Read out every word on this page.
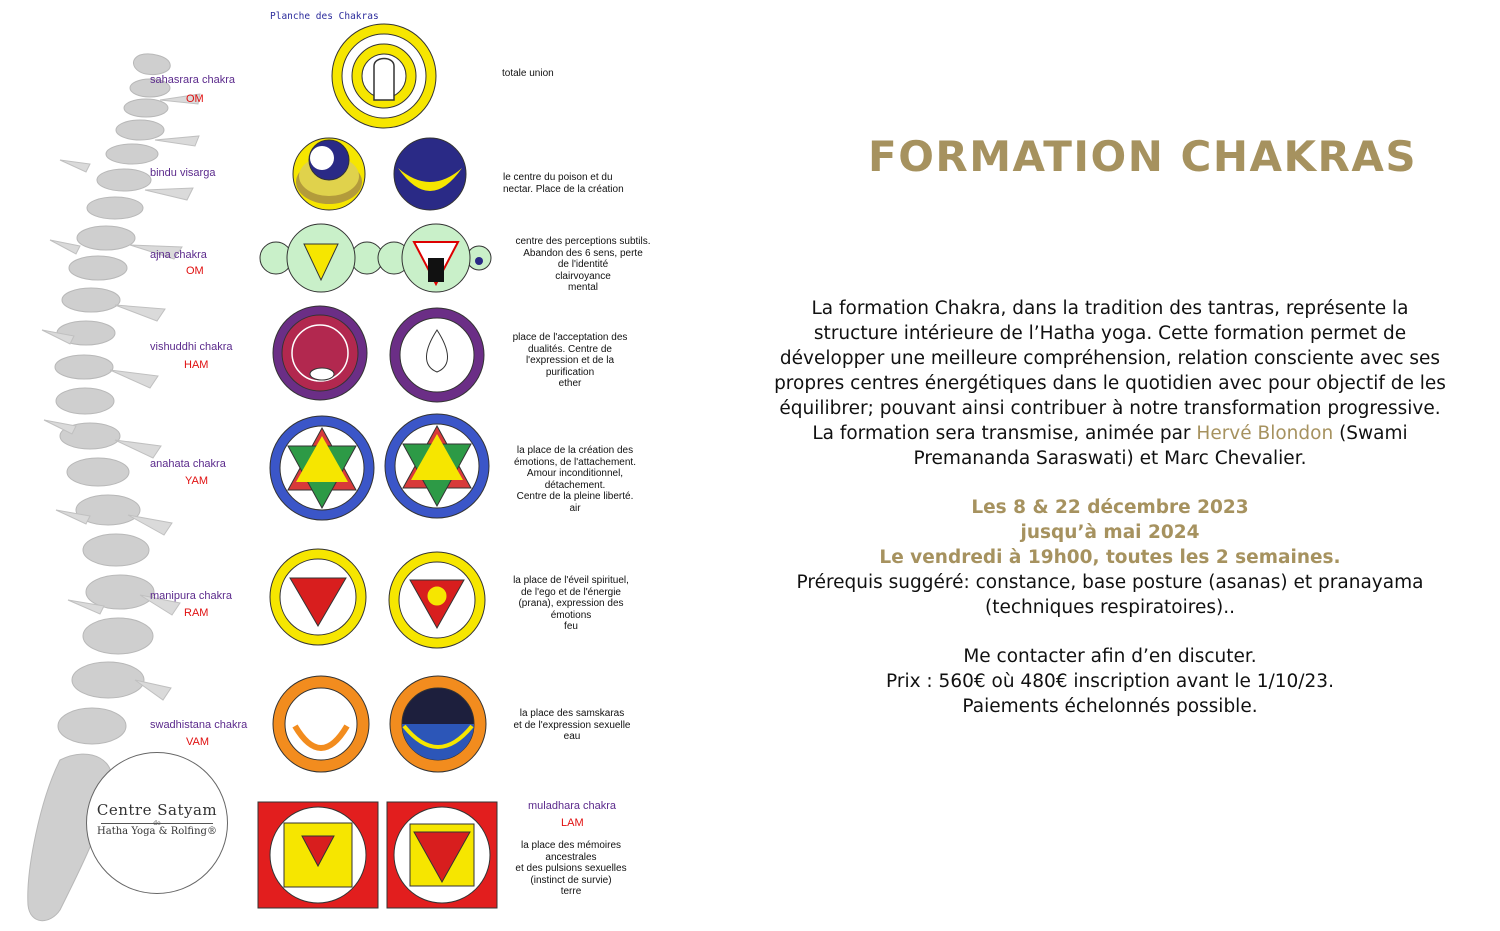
Planche des Chakras
sahasrara chakra
OM
bindu visarga
ajna chakra
OM
vishuddhi chakra
HAM
anahata chakra
YAM
manipura chakra
RAM
swadhistana chakra
VAM
muladhara chakra
LAM
totale union
le centre du poison et du
nectar. Place de la création
centre des perceptions subtils.
Abandon des 6 sens, perte
de l'identité
clairvoyance
mental
place de l'acceptation des
dualités. Centre de
l'expression et de la
purification
ether
la place de la création des
émotions, de l'attachement.
Amour inconditionnel,
détachement.
Centre de la pleine liberté.
air
la place de l'éveil spirituel,
de l'ego et de l'énergie
(prana), expression des
émotions
feu
la place des samskaras
et de l'expression sexuelle
eau
la place des mémoires
ancestrales
et des pulsions sexuelles
(instinct de survie)
terre
Centre Satyam
de
Hatha Yoga & Rolfing®
FORMATION CHAKRAS
La formation Chakra, dans la tradition des tantras, représente la
structure intérieure de l’Hatha yoga. Cette formation permet de
développer une meilleure compréhension, relation consciente avec ses
propres centres énergétiques dans le quotidien avec pour objectif de les
équilibrer; pouvant ainsi contribuer à notre transformation progressive.
La formation sera transmise, animée par Hervé Blondon (Swami
Premananda Saraswati) et Marc Chevalier.
Les 8 & 22 décembre 2023
jusqu’à mai 2024
Le vendredi à 19h00, toutes les 2 semaines.
Prérequis suggéré: constance, base posture (asanas) et pranayama
(techniques respiratoires)..
Me contacter afin d’en discuter.
Prix : 560€ où 480€ inscription avant le 1/10/23.
Paiements échelonnés possible.
